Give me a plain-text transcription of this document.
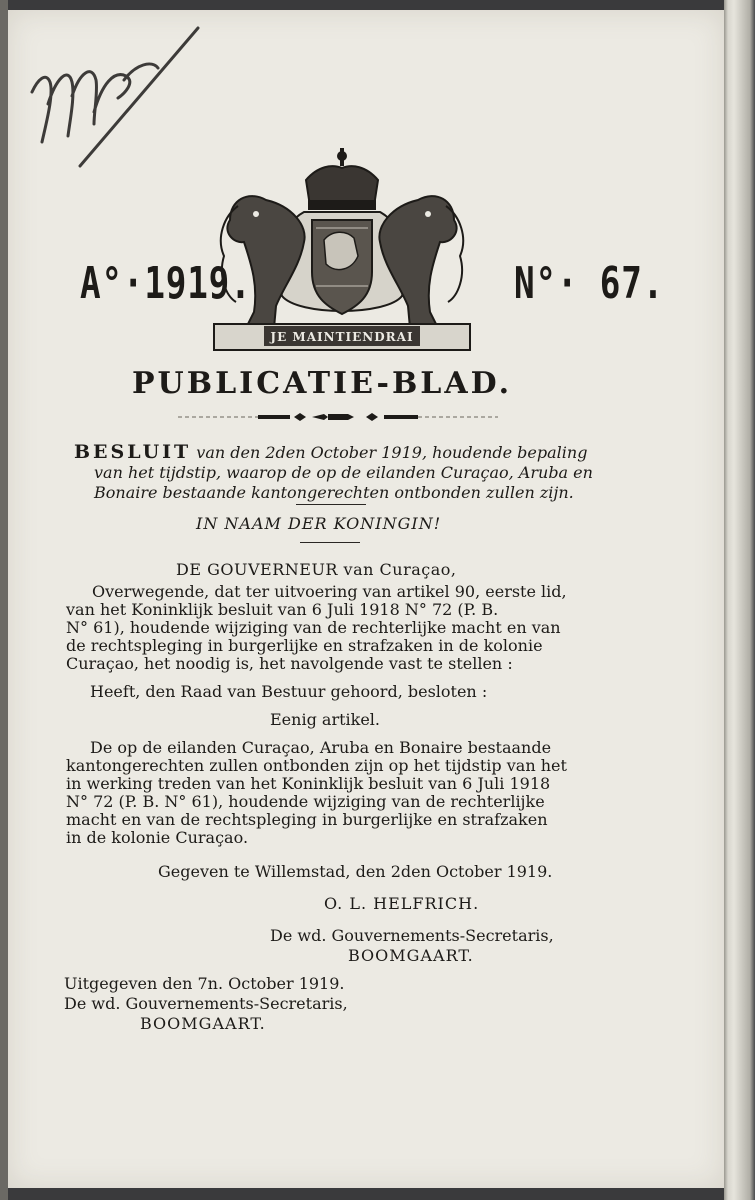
A°·1919.	N°· 67.
JE MAINTIENDRAI
PUBLICATIE-BLAD.
BESLUIT van den 2den October 1919, houdende bepaling
van het tijdstip, waarop de op de eilanden Curaçao, Aruba en
Bonaire bestaande kantongerechten ontbonden zullen zijn.
IN NAAM DER KONINGIN!
DE GOUVERNEUR van Curaçao,
Overwegende, dat ter uitvoering van artikel 90, eerste lid,
van het Koninklijk besluit van 6 Juli 1918 N° 72 (P. B.
N° 61), houdende wijziging van de rechterlijke macht en van
de rechtspleging in burgerlijke en strafzaken in de kolonie
Curaçao, het noodig is, het navolgende vast te stellen :
Heeft, den Raad van Bestuur gehoord, besloten :
Eenig artikel.
De op de eilanden Curaçao, Aruba en Bonaire bestaande
kantongerechten zullen ontbonden zijn op het tijdstip van het
in werking treden van het Koninklijk besluit van 6 Juli 1918
N° 72 (P. B. N° 61), houdende wijziging van de rechterlijke
macht en van de rechtspleging in burgerlijke en strafzaken
in de kolonie Curaçao.
Gegeven te Willemstad, den 2den October 1919.
O. L. HELFRICH.
De wd. Gouvernements-Secretaris,
BOOMGAART.
Uitgegeven den 7n. October 1919.
De wd. Gouvernements-Secretaris,
BOOMGAART.
